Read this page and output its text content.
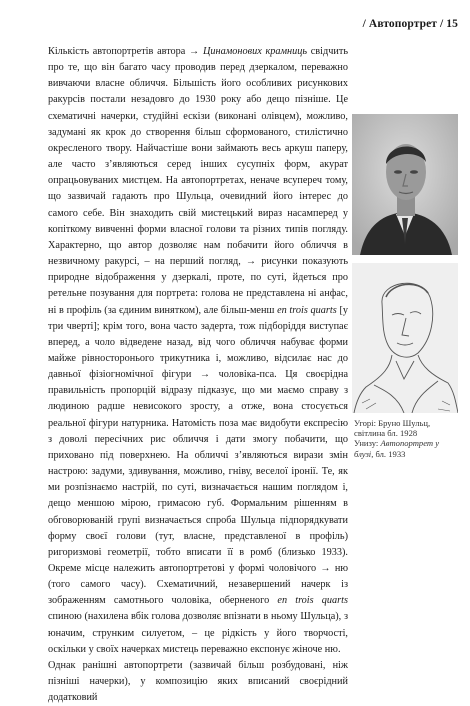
/ Автопортрет / 15

Кількість автопортретів автора → Цинамонових крамниць свідчить про те, що він багато часу проводив перед дзеркалом, переважно вивчаючи власне обличчя. Більшість його особливих рисункових ракурсів постали незадовго до 1930 року або дещо пізніше. Це схематичні начерки, студійні ескізи (виконані олівцем), можливо, задумані як крок до створення більш сформованого, стилістично окресленого твору. Найчастіше вони займають весь аркуш паперу, але часто з’являються серед інших сусупніх форм, акурат опрацьовуваних мистцем. На автопортретах, неначе всупереч тому, що зазвичай гадають про Шульца, очевидний його інтерес до самого себе. Він знаходить свій мистецький вираз насамперед у копіткому вивченні форми власної голови та різних типів погляду. Характерно, що автор дозволяє нам побачити його обличчя в незвичному ракурсі, – на перший погляд, → рисунки показують природне відображення у дзеркалі, проте, по суті, йдеться про ретельне позування для портрета: голова не представлена ні анфас, ні в профіль (за єдиним винятком), але більш-менш en trois quarts [у три чверті]; крім того, вона часто задерта, тож підборіддя виступає вперед, а чоло відведене назад, від чого обличчя набуває форми майже рівносторонього трикутника і, можливо, відсилає нас до давньої фізіогномічної фігури → чоловіка-пса. Ця своєрідна правильність пропорцій відразу підказує, що ми маємо справу з людиною радше невисокого зросту, а отже, вона стосується реальної фігури натурника. Натомість поза має видобути експресію з доволі пересічних рис обличчя і дати змогу побачити, що приховано під поверхнею. На обличчі з’являються вирази змін настрою: задуми, здивування, можливо, гніву, веселої іронії. Те, як ми розпізнаємо настрій, по суті, визначається нашим поглядом і, дещо меншою мірою, гримасою губ. Формальним рішенням в обговорюваній групі визначається спроба Шульца підпорядкувати форму своєї голови (тут, власне, представленої в профіль) ригоризмові геометрії, тобто вписати її в ромб (близько 1933). Окреме місце належить автопортретові у формі чоловічого → ню (того самого часу). Схематичний, незавершений начерк із зображенням самотнього чоловіка, оберненого en trois quarts спиною (нахилена вбік голова дозволяє впізнати в ньому Шульца), з юначим, струнким силуетом, – це рідкість у його творчості, оскільки у своїх начерках мистець переважно експонує жіноче ню.

Однак ранішні автопортрети (зазвичай більш розбудовані, ніж пізніші начерки), у композицію яких вписаний своєрідний додатковий

Угорі: Бруно Шульц, світлина бл. 1928
Унизу: Автопортрет у блузі, бл. 1933
